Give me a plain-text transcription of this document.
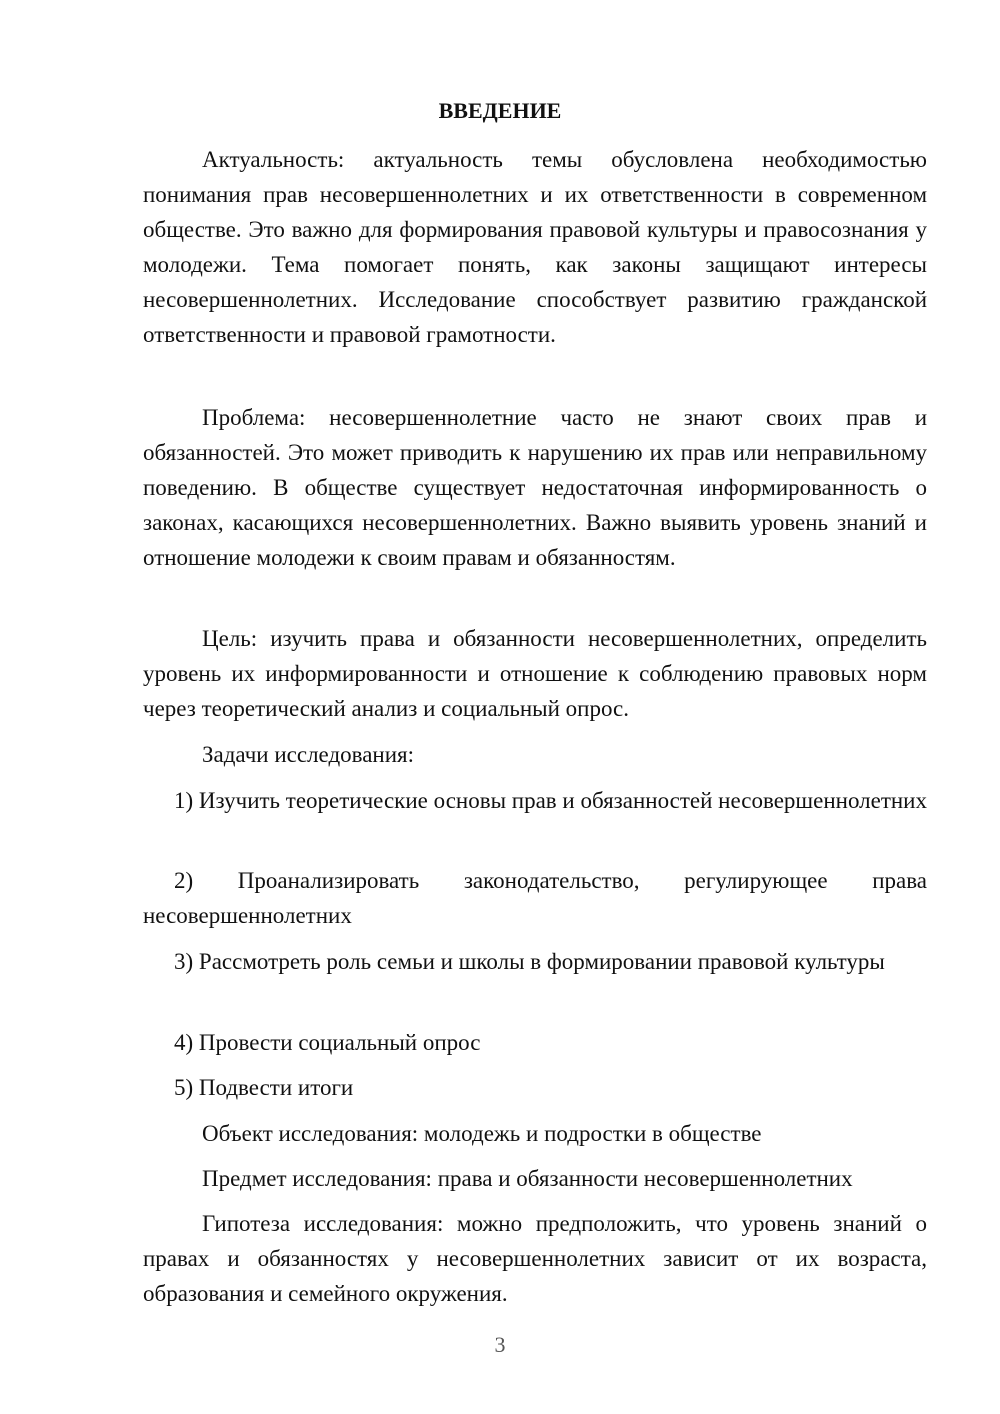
ВВЕДЕНИЕ

Актуальность: актуальность темы обусловлена необходимостью понимания прав несовершеннолетних и их ответственности в современном обществе. Это важно для формирования правовой культуры и правосознания у молодежи. Тема помогает понять, как законы защищают интересы несовершеннолетних. Исследование способствует развитию гражданской ответственности и правовой грамотности.

Проблема: несовершеннолетние часто не знают своих прав и обязанностей. Это может приводить к нарушению их прав или неправильному поведению. В обществе существует недостаточная информированность о законах, касающихся несовершеннолетних. Важно выявить уровень знаний и отношение молодежи к своим правам и обязанностям.

Цель: изучить права и обязанности несовершеннолетних, определить уровень их информированности и отношение к соблюдению правовых норм через теоретический анализ и социальный опрос.

Задачи исследования:

1) Изучить теоретические основы прав и обязанностей несовершеннолетних

2) Проанализировать законодательство, регулирующее права несовершеннолетних

3) Рассмотреть роль семьи и школы в формировании правовой культуры

4) Провести социальный опрос

5) Подвести итоги

Объект исследования: молодежь и подростки в обществе

Предмет исследования: права и обязанности несовершеннолетних

Гипотеза исследования: можно предположить, что уровень знаний о правах и обязанностях у несовершеннолетних зависит от их возраста, образования и семейного окружения.

3
